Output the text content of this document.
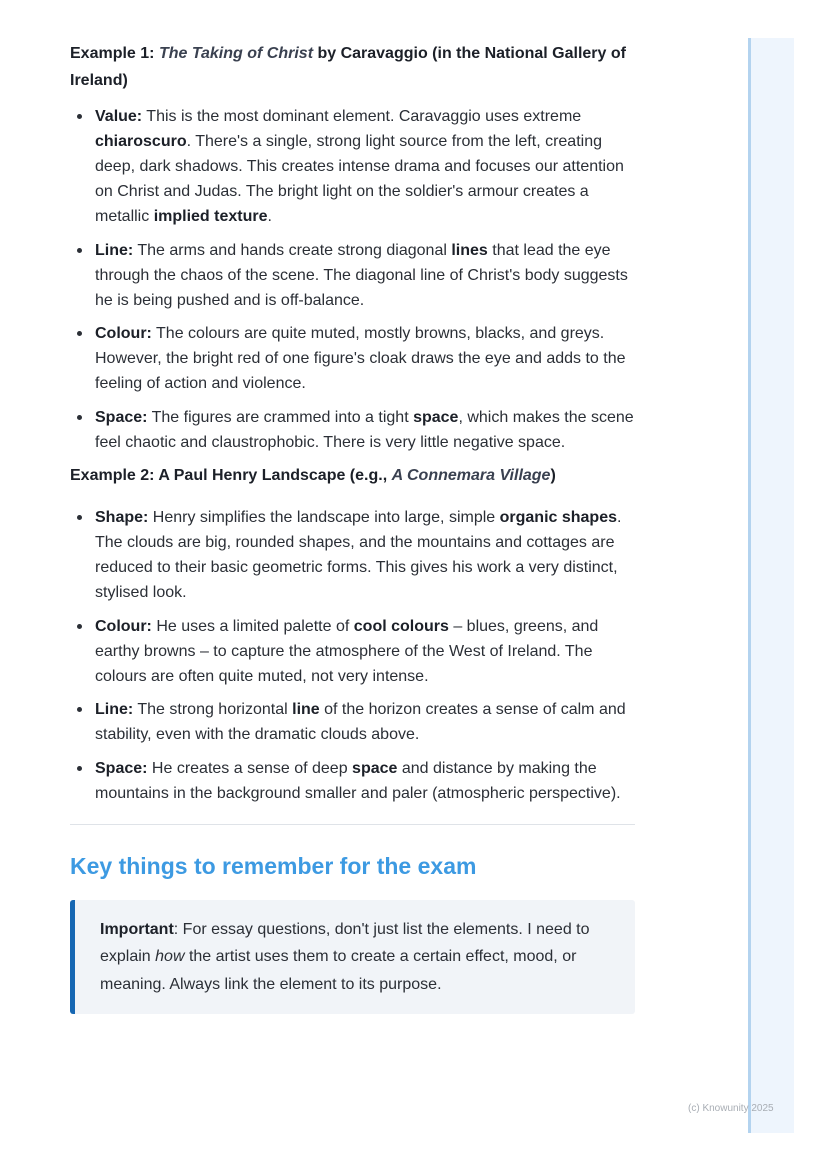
Example 1: The Taking of Christ by Caravaggio (in the National Gallery of Ireland)

Value: This is the most dominant element. Caravaggio uses extreme chiaroscuro. There's a single, strong light source from the left, creating deep, dark shadows. This creates intense drama and focuses our attention on Christ and Judas. The bright light on the soldier's armour creates a metallic implied texture.
Line: The arms and hands create strong diagonal lines that lead the eye through the chaos of the scene. The diagonal line of Christ's body suggests he is being pushed and is off-balance.
Colour: The colours are quite muted, mostly browns, blacks, and greys. However, the bright red of one figure's cloak draws the eye and adds to the feeling of action and violence.
Space: The figures are crammed into a tight space, which makes the scene feel chaotic and claustrophobic. There is very little negative space.

Example 2: A Paul Henry Landscape (e.g., A Connemara Village)

Shape: Henry simplifies the landscape into large, simple organic shapes. The clouds are big, rounded shapes, and the mountains and cottages are reduced to their basic geometric forms. This gives his work a very distinct, stylised look.
Colour: He uses a limited palette of cool colours – blues, greens, and earthy browns – to capture the atmosphere of the West of Ireland. The colours are often quite muted, not very intense.
Line: The strong horizontal line of the horizon creates a sense of calm and stability, even with the dramatic clouds above.
Space: He creates a sense of deep space and distance by making the mountains in the background smaller and paler (atmospheric perspective).
Key things to remember for the exam
Important: For essay questions, don't just list the elements. I need to explain how the artist uses them to create a certain effect, mood, or meaning. Always link the element to its purpose.
(c) Knowunity 2025
